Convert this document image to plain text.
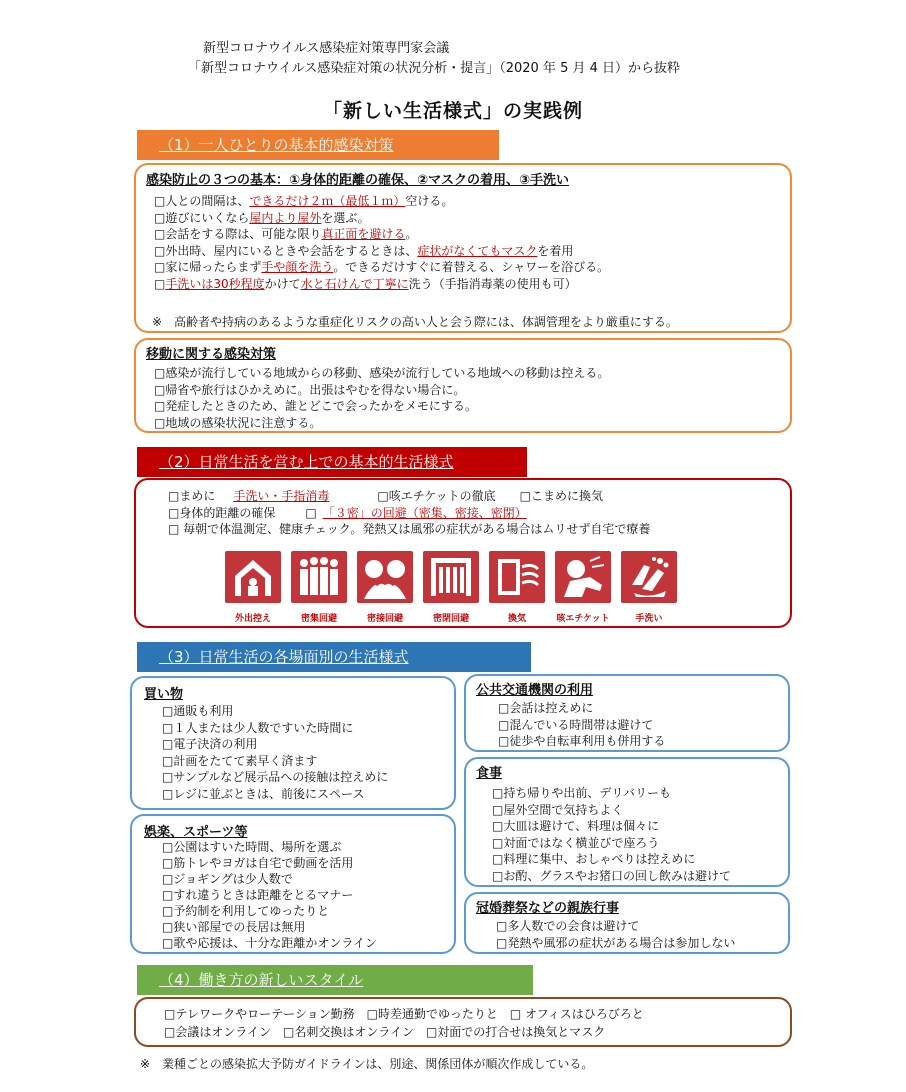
新型コロナウイルス感染症対策専門家会議
「新型コロナウイルス感染症対策の状況分析・提言」（2020 年 5 月 4 日）から抜粋
「新しい生活様式」の実践例
（1）一人ひとりの基本的感染対策
感染防止の３つの基本：①身体的距離の確保、②マスクの着用、③手洗い
□人との間隔は、できるだけ２ｍ（最低１ｍ）空ける。
□遊びにいくなら屋内より屋外を選ぶ。
□会話をする際は、可能な限り真正面を避ける。
□外出時、屋内にいるときや会話をするときは、症状がなくてもマスクを着用
□家に帰ったらまず手や顔を洗う。できるだけすぐに着替える、シャワーを浴びる。
□手洗いは30秒程度かけて水と石けんで丁寧に洗う（手指消毒薬の使用も可）
※　高齢者や持病のあるような重症化リスクの高い人と会う際には、体調管理をより厳重にする。
移動に関する感染対策
□感染が流行している地域からの移動、感染が流行している地域への移動は控える。
□帰省や旅行はひかえめに。出張はやむを得ない場合に。
□発症したときのため、誰とどこで会ったかをメモにする。
□地域の感染状況に注意する。
（2）日常生活を営む上での基本的生活様式
□まめに 手洗い・手指消毒	□咳エチケットの徹底 □こまめに換気
□身体的距離の確保	□ 「３密」の回避（密集、密接、密閉）
□ 毎朝で体温測定、健康チェック。発熱又は風邪の症状がある場合はムリせず自宅で療養
外出控え	密集回避	密接回避	密閉回避	換気	咳エチケット	手洗い
（3）日常生活の各場面別の生活様式
買い物
□通販も利用
□１人または少人数ですいた時間に
□電子決済の利用
□計画をたてて素早く済ます
□サンプルなど展示品への接触は控えめに
□レジに並ぶときは、前後にスペース
娯楽、スポーツ等
□公園はすいた時間、場所を選ぶ
□筋トレやヨガは自宅で動画を活用
□ジョギングは少人数で
□すれ違うときは距離をとるマナー
□予約制を利用してゆったりと
□狭い部屋での長居は無用
□歌や応援は、十分な距離かオンライン
公共交通機関の利用
□会話は控えめに
□混んでいる時間帯は避けて
□徒歩や自転車利用も併用する
食事
□持ち帰りや出前、デリバリーも
□屋外空間で気持ちよく
□大皿は避けて、料理は個々に
□対面ではなく横並びで座ろう
□料理に集中、おしゃべりは控えめに
□お酌、グラスやお猪口の回し飲みは避けて
冠婚葬祭などの親族行事
□多人数での会食は避けて
□発熱や風邪の症状がある場合は参加しない
（4）働き方の新しいスタイル
□テレワークやローテーション勤務 □時差通勤でゆったりと □ オフィスはひろびろと
□会議はオンライン □名刺交換はオンライン □対面での打合せは換気とマスク
※　業種ごとの感染拡大予防ガイドラインは、別途、関係団体が順次作成している。
